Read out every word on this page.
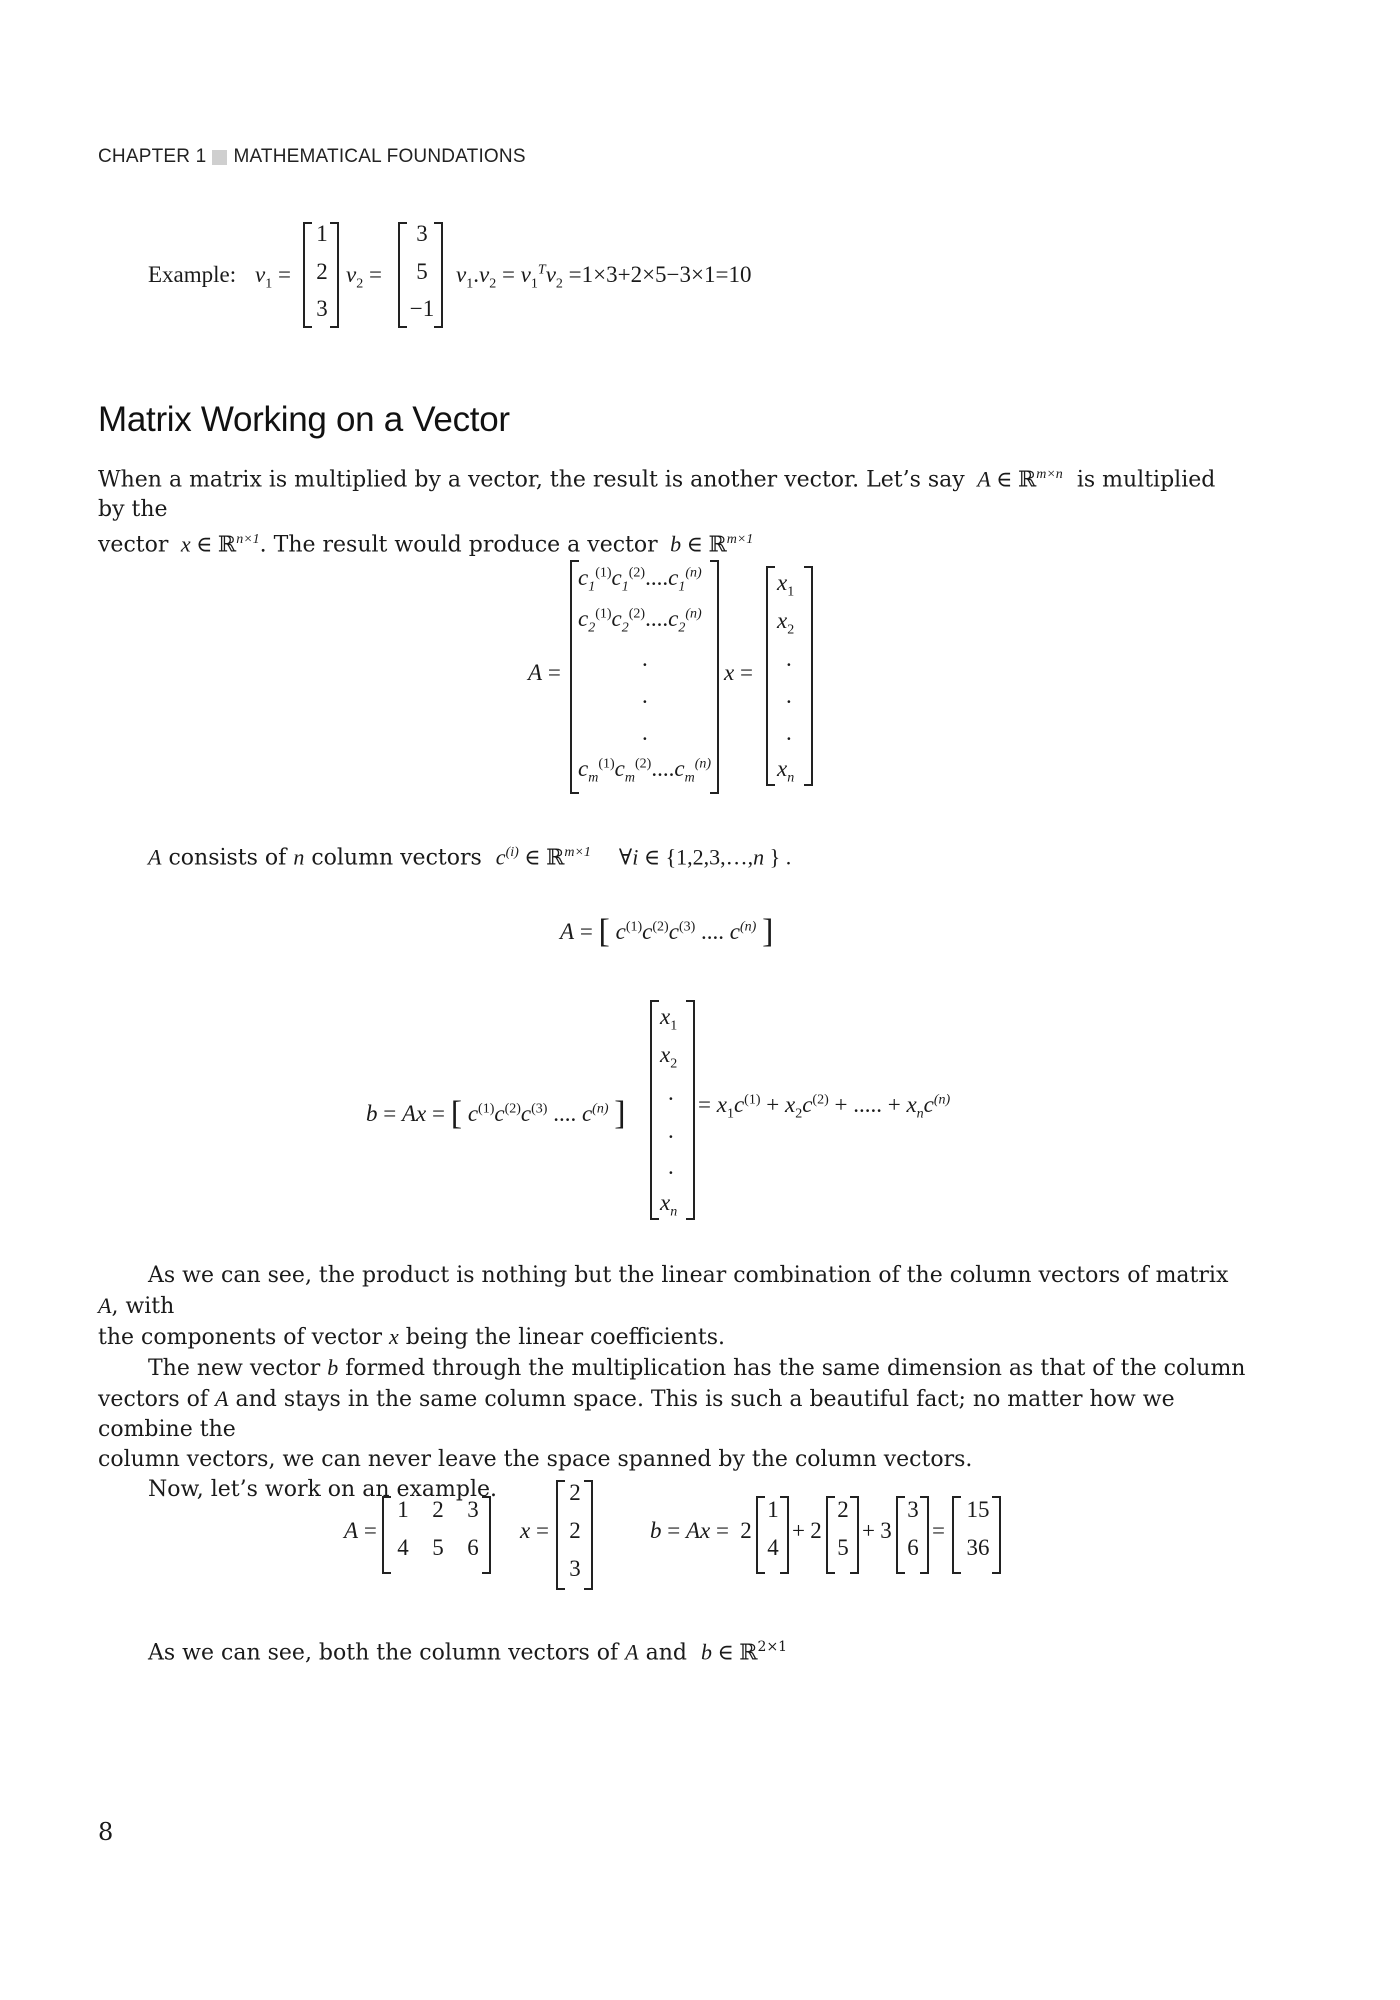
CHAPTER 1 MATHEMATICAL FOUNDATIONS
Example: $v_1$ =
1
2
3
$v_2$ =
3
5
−1
$v_1.v_2 = v_1^Tv_2 =1\times 3+2\times 5-3\times 1=10$
Matrix Working on a Vector
When a matrix is multiplied by a vector, the result is another vector. Let’s say  A ∈ ℝ$^{m\times n}$ is multiplied by the
vector  x ∈ ℝ$^{n\times 1}$. The result would produce a vector  b ∈ ℝ$^{m\times 1}$
A =
$c_1^{(1)}c_1^{(2)}....c_1^{(n)}$
$c_2^{(1)}c_2^{(2)}....c_2^{(n)}$
.
.
.
$c_m^{(1)}c_m^{(2)}....c_m^{(n)}$
x =
$x_1$
$x_2$
.
.
.
$x_n$
A consists of n column vectors $c^{(i)}$ ∈ ℝ$^{m\times 1}$ ∀i ∈ {1,2,3,…,n } .
A = [ $c^{(1)}c^{(2)}c^{(3)}$ .... $c^{(n)}$ ]
b = Ax = [ $c^{(1)}c^{(2)}c^{(3)}$ .... $c^{(n)}$ ]
$x_1$
$x_2$
.
.
.
$x_n$
= $x_1c^{(1)} + x_2c^{(2)}$ + ..... + $x_nc^{(n)}$
As we can see, the product is nothing but the linear combination of the column vectors of matrix A, with
the components of vector x being the linear coefficients.
The new vector b formed through the multiplication has the same dimension as that of the column
vectors of A and stays in the same column space. This is such a beautiful fact; no matter how we combine the
column vectors, we can never leave the space spanned by the column vectors.
Now, let’s work on an example.
A =
1	2	3
4	5	6
x =
2
2
3
b = Ax = 2
1
4
+ 2
2
5
+ 3
3
6
=
15
36
As we can see, both the column vectors of A and b ∈ ℝ$^{2\times 1}$
8
